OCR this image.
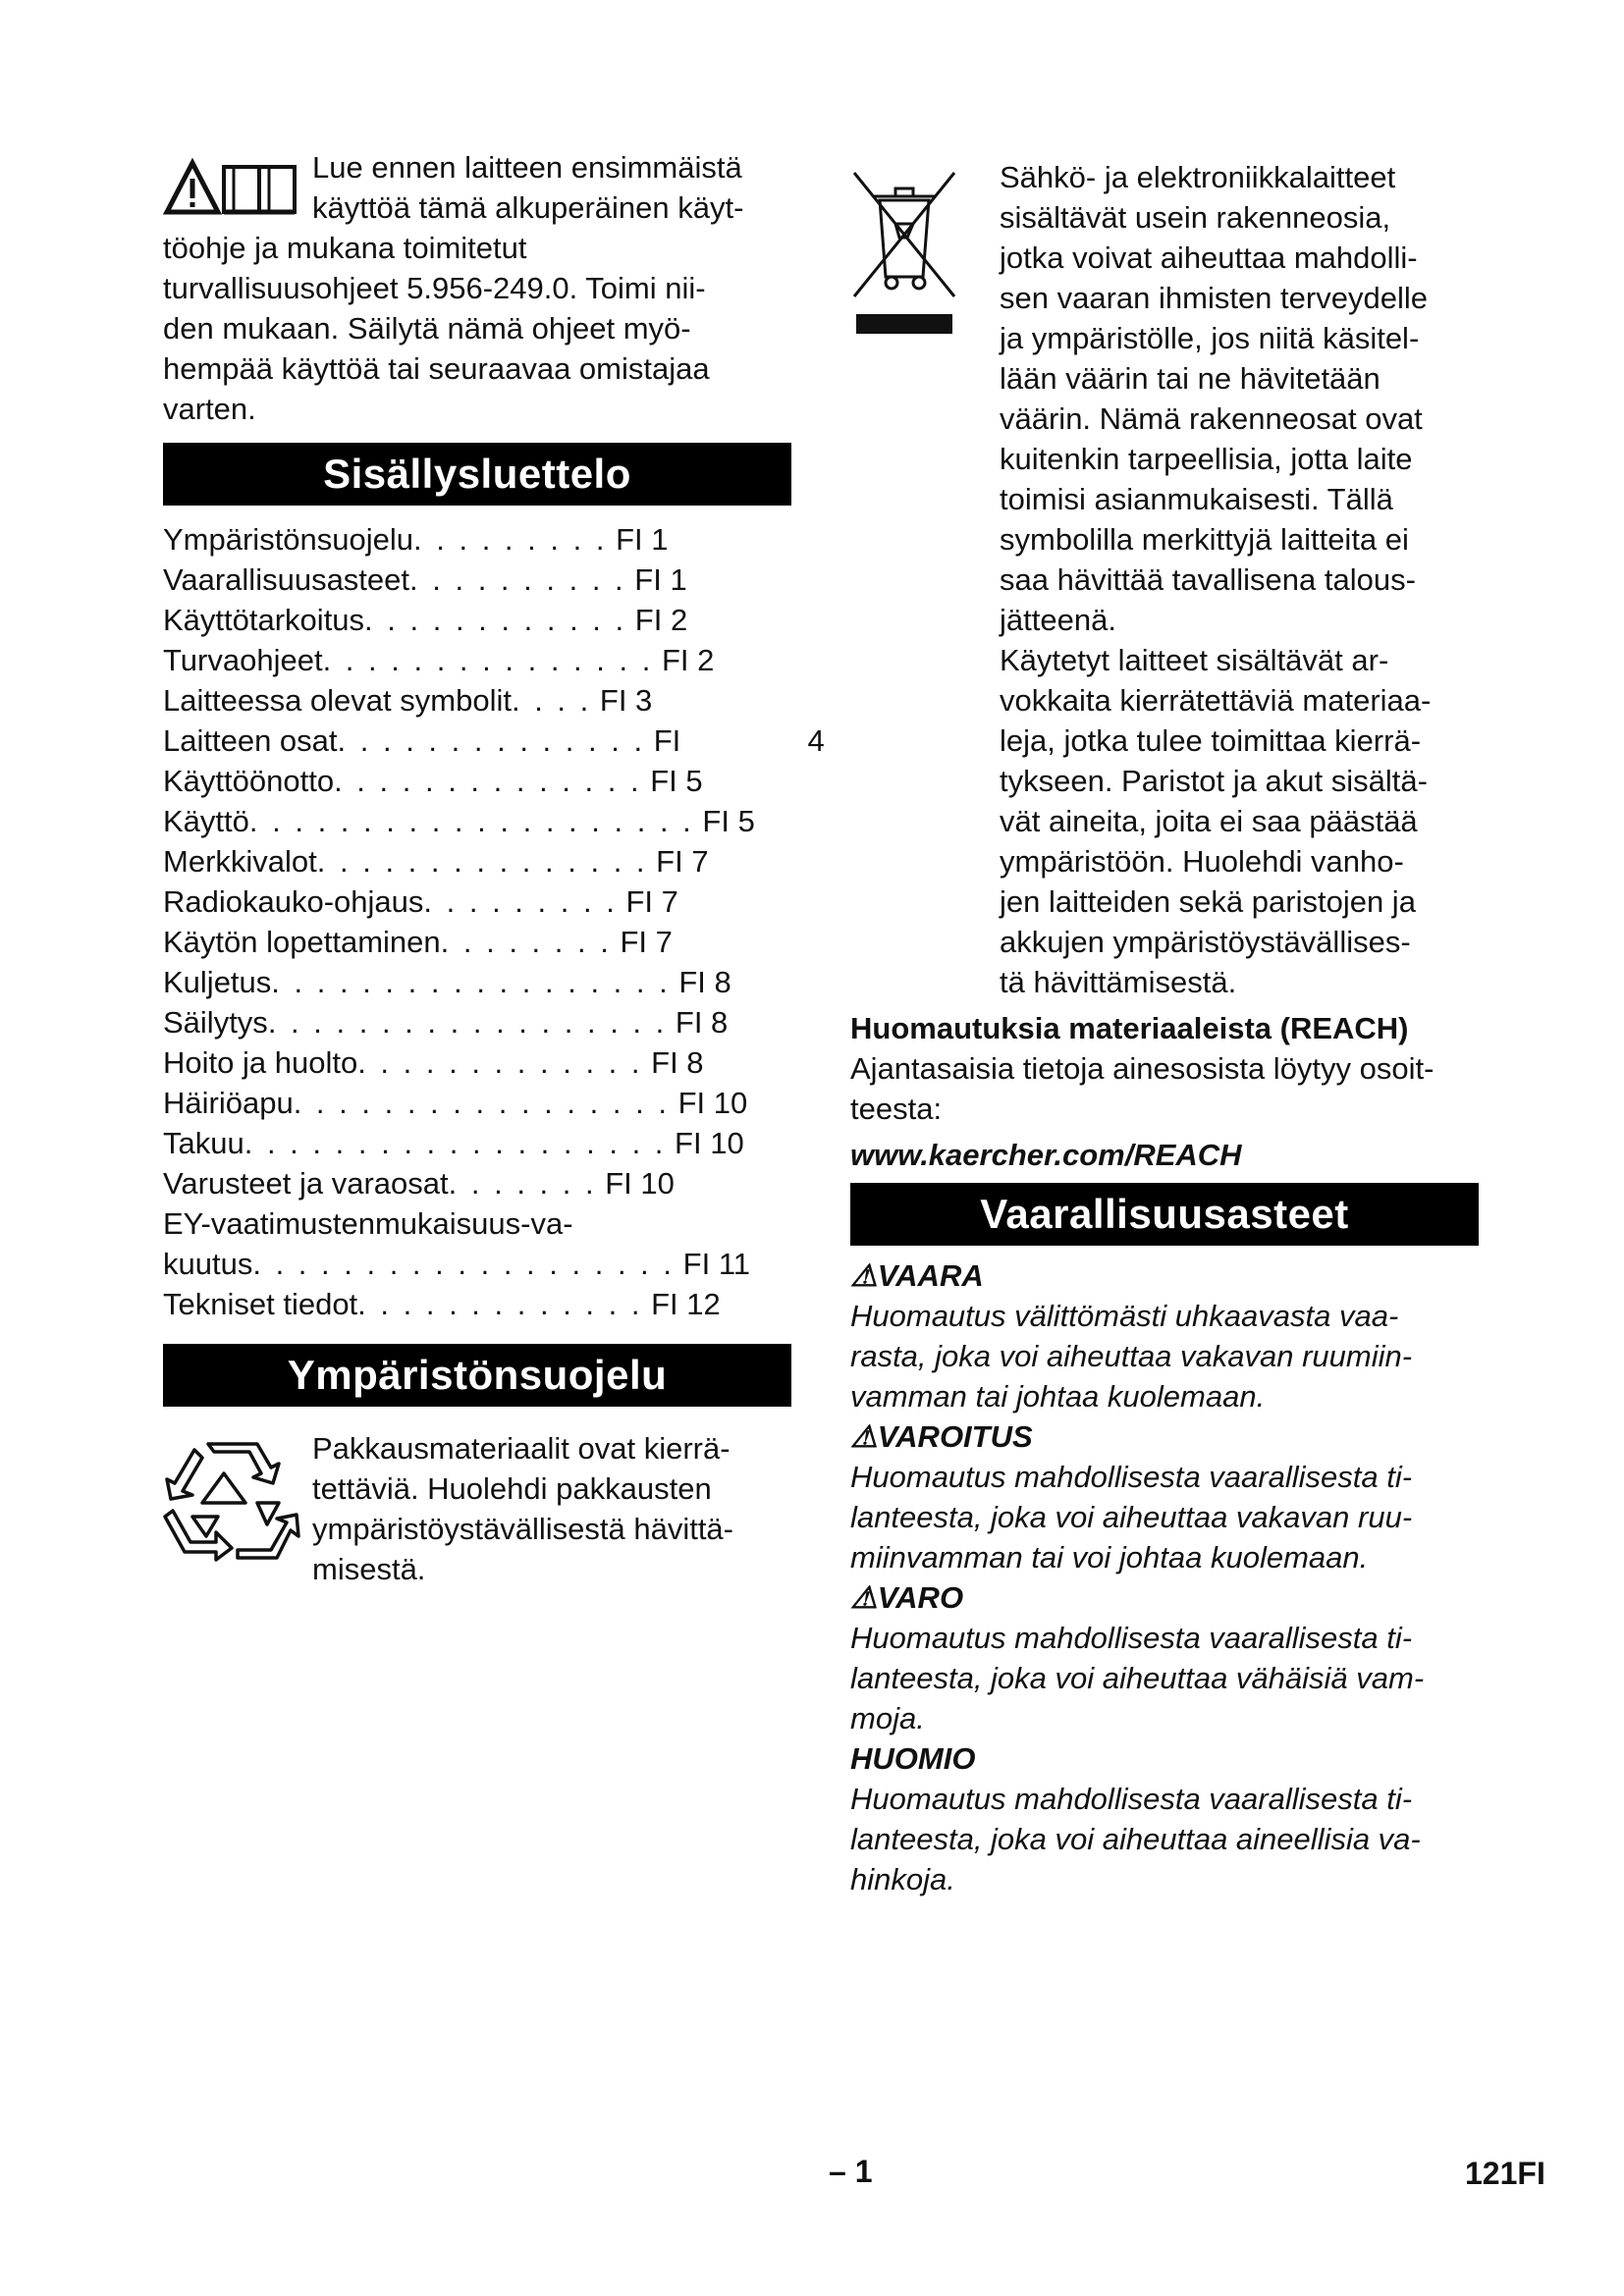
Lue ennen laitteen ensimmäistä

käyttöä tämä alkuperäinen käyt-

töohje ja mukana toimitetut

turvallisuusohjeet 5.956-249.0. Toimi nii-

den mukaan. Säilytä nämä ohjeet myö-

hempää käyttöä tai seuraavaa omistajaa

varten.

Sisällysluettelo
Ympäristönsuojelu . . . . . . . . .
FI 1
Vaarallisuusasteet . . . . . . . . . .
FI 1
Käyttötarkoitus . . . . . . . . . . . .
FI 2
Turvaohjeet . . . . . . . . . . . . . . .
FI 2
Laitteessa olevat symbolit . . . .
FI 3
Laitteen osat . . . . . . . . . . . . . .
FI               4
Käyttöönotto . . . . . . . . . . . . . .
FI 5
Käyttö . . . . . . . . . . . . . . . . . . . .
FI 5
Merkkivalot . . . . . . . . . . . . . . .
FI 7
Radiokauko-ohjaus . . . . . . . . .
FI 7
Käytön lopettaminen . . . . . . . .
FI 7
Kuljetus . . . . . . . . . . . . . . . . . .
FI 8
Säilytys . . . . . . . . . . . . . . . . . .
FI 8
Hoito ja huolto . . . . . . . . . . . . .
FI 8
Häiriöapu . . . . . . . . . . . . . . . . .
FI 10
Takuu . . . . . . . . . . . . . . . . . . .
FI 10
Varusteet ja varaosat . . . . . . .
FI 10
EY-vaatimustenmukaisuus-va-
kuutus . . . . . . . . . . . . . . . . . . .
FI 11
Tekniset tiedot . . . . . . . . . . . . .
FI 12
Ympäristönsuojelu

Pakkausmateriaalit ovat kierrä-

tettäviä. Huolehdi pakkausten

ympäristöystävällisestä hävittä-

misestä.

Sähkö- ja elektroniikkalaitteet

sisältävät usein rakenneosia,

jotka voivat aiheuttaa mahdolli-

sen vaaran ihmisten terveydelle

ja ympäristölle, jos niitä käsitel-

lään väärin tai ne hävitetään

väärin. Nämä rakenneosat ovat

kuitenkin tarpeellisia, jotta laite

toimisi asianmukaisesti. Tällä

symbolilla merkittyjä laitteita ei

saa hävittää tavallisena talous-

jätteenä.

Käytetyt laitteet sisältävät ar-

vokkaita kierrätettäviä materiaa-

leja, jotka tulee toimittaa kierrä-

tykseen. Paristot ja akut sisältä-

vät aineita, joita ei saa päästää

ympäristöön. Huolehdi vanho-

jen laitteiden sekä paristojen ja

akkujen ympäristöystävällises-

tä hävittämisestä.

Huomautuksia materiaaleista (REACH)

Ajantasaisia tietoja ainesosista löytyy osoit-

teesta:

www.kaercher.com/REACH

Vaarallisuusasteet

⚠VAARA

Huomautus välittömästi uhkaavasta vaa-

rasta, joka voi aiheuttaa vakavan ruumiin-

vamman tai johtaa kuolemaan.

⚠VAROITUS

Huomautus mahdollisesta vaarallisesta ti-

lanteesta, joka voi aiheuttaa vakavan ruu-

miinvamman tai voi johtaa kuolemaan.

⚠VARO

Huomautus mahdollisesta vaarallisesta ti-

lanteesta, joka voi aiheuttaa vähäisiä vam-

moja.

HUOMIO

Huomautus mahdollisesta vaarallisesta ti-

lanteesta, joka voi aiheuttaa aineellisia va-

hinkoja.

– 1	121FI
